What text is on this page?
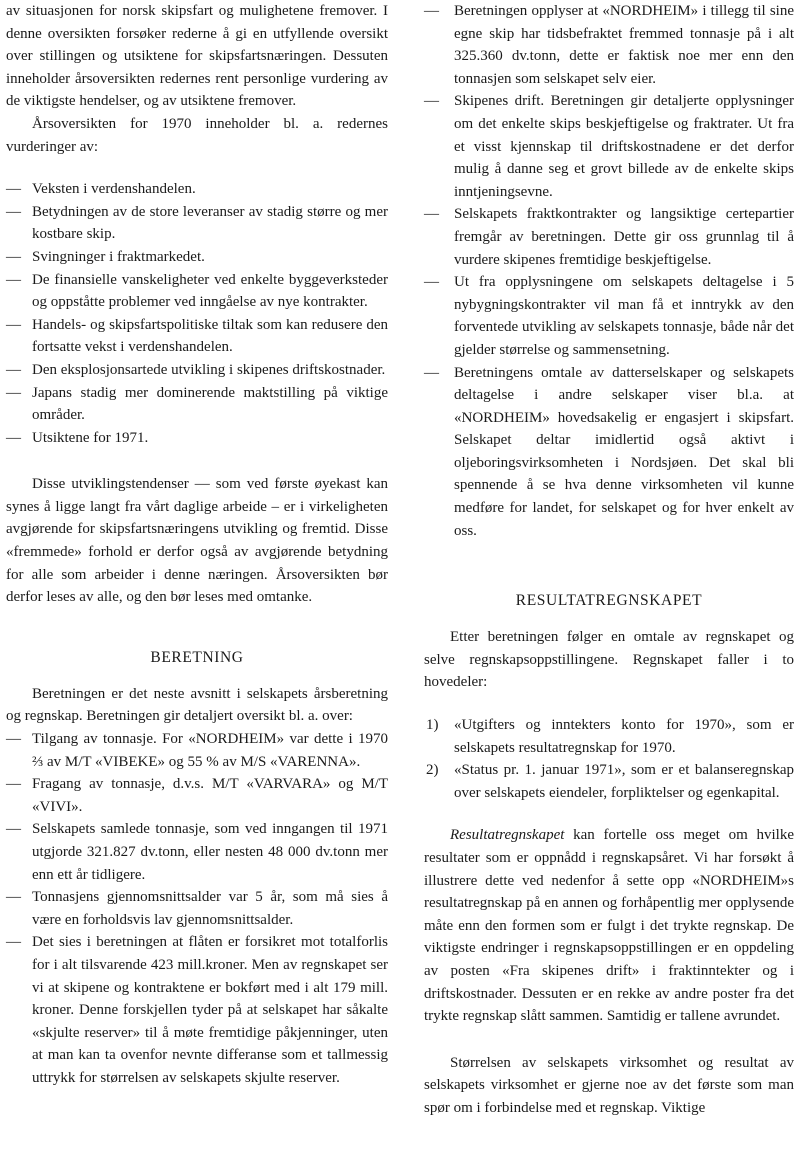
av situasjonen for norsk skipsfart og mulighetene fremover. I denne oversikten forsøker rederne å gi en utfyllende oversikt over stillingen og utsiktene for skipsfartsnæringen. Dessuten inneholder årsoversikten redernes rent personlige vurdering av de viktigste hendelser, og av utsiktene fremover.

Årsoversikten for 1970 inneholder bl. a. redernes vurderinger av:

— Veksten i verdenshandelen.
— Betydningen av de store leveranser av stadig større og mer kostbare skip.
— Svingninger i fraktmarkedet.
— De finansielle vanskeligheter ved enkelte byggeverksteder og oppståtte problemer ved inngåelse av nye kontrakter.
— Handels- og skipsfartspolitiske tiltak som kan redusere den fortsatte vekst i verdenshandelen.
— Den eksplosjonsartede utvikling i skipenes driftskostnader.
— Japans stadig mer dominerende maktstilling på viktige områder.
— Utsiktene for 1971.

Disse utviklingstendenser — som ved første øyekast kan synes å ligge langt fra vårt daglige arbeide – er i virkeligheten avgjørende for skipsfartsnæringens utvikling og fremtid. Disse «fremmede» forhold er derfor også av avgjørende betydning for alle som arbeider i denne næringen. Årsoversikten bør derfor leses av alle, og den bør leses med omtanke.

BERETNING

Beretningen er det neste avsnitt i selskapets årsberetning og regnskap. Beretningen gir detaljert oversikt bl. a. over:

— Tilgang av tonnasje. For «NORDHEIM» var dette i 1970 ⅔ av M/T «VIBEKE» og 55 % av M/S «VARENNA».
— Fragang av tonnasje, d.v.s. M/T «VARVARA» og M/T «VIVI».
— Selskapets samlede tonnasje, som ved inngangen til 1971 utgjorde 321.827 dv.tonn, eller nesten 48 000 dv.tonn mer enn ett år tidligere.
— Tonnasjens gjennomsnittsalder var 5 år, som må sies å være en forholdsvis lav gjennomsnittsalder.
— Det sies i beretningen at flåten er forsikret mot totalforlis for i alt tilsvarende 423 mill.kroner. Men av regnskapet ser vi at skipene og kontraktene er bokført med i alt 179 mill. kroner. Denne forskjellen tyder på at selskapet har såkalte «skjulte reserver» til å møte fremtidige påkjenninger, uten at man kan ta ovenfor nevnte differanse som et tallmessig uttrykk for størrelsen av selskapets skjulte reserver.
— Beretningen opplyser at «NORDHEIM» i tillegg til sine egne skip har tidsbefraktet fremmed tonnasje på i alt 325.360 dv.tonn, dette er faktisk noe mer enn den tonnasjen som selskapet selv eier.
— Skipenes drift. Beretningen gir detaljerte opplysninger om det enkelte skips beskjeftigelse og fraktrater. Ut fra et visst kjennskap til driftskostnadene er det derfor mulig å danne seg et grovt billede av de enkelte skips inntjeningsevne.
— Selskapets fraktkontrakter og langsiktige certepartier fremgår av beretningen. Dette gir oss grunnlag til å vurdere skipenes fremtidige beskjeftigelse.
— Ut fra opplysningene om selskapets deltagelse i 5 nybygningskontrakter vil man få et inntrykk av den forventede utvikling av selskapets tonnasje, både når det gjelder størrelse og sammensetning.
— Beretningens omtale av datterselskaper og selskapets deltagelse i andre selskaper viser bl.a. at «NORDHEIM» hovedsakelig er engasjert i skipsfart. Selskapet deltar imidlertid også aktivt i oljeboringsvirksomheten i Nordsjøen. Det skal bli spennende å se hva denne virksomheten vil kunne medføre for landet, for selskapet og for hver enkelt av oss.
RESULTATREGNSKAPET

Etter beretningen følger en omtale av regnskapet og selve regnskapsoppstillingene. Regnskapet faller i to hovedeler:

1) «Utgifters og inntekters konto for 1970», som er selskapets resultatregnskap for 1970.
2) «Status pr. 1. januar 1971», som er et balanseregnskap over selskapets eiendeler, forpliktelser og egenkapital.

Resultatregnskapet kan fortelle oss meget om hvilke resultater som er oppnådd i regnskapsåret. Vi har forsøkt å illustrere dette ved nedenfor å sette opp «NORDHEIM»s resultatregnskap på en annen og forhåpentlig mer opplysende måte enn den formen som er fulgt i det trykte regnskap. De viktigste endringer i regnskapsoppstillingen er en oppdeling av posten «Fra skipenes drift» i fraktinntekter og i driftskostnader. Dessuten er en rekke av andre poster fra det trykte regnskap slått sammen. Samtidig er tallene avrundet.

Størrelsen av selskapets virksomhet og resultat av selskapets virksomhet er gjerne noe av det første som man spør om i forbindelse med et regnskap. Viktige
